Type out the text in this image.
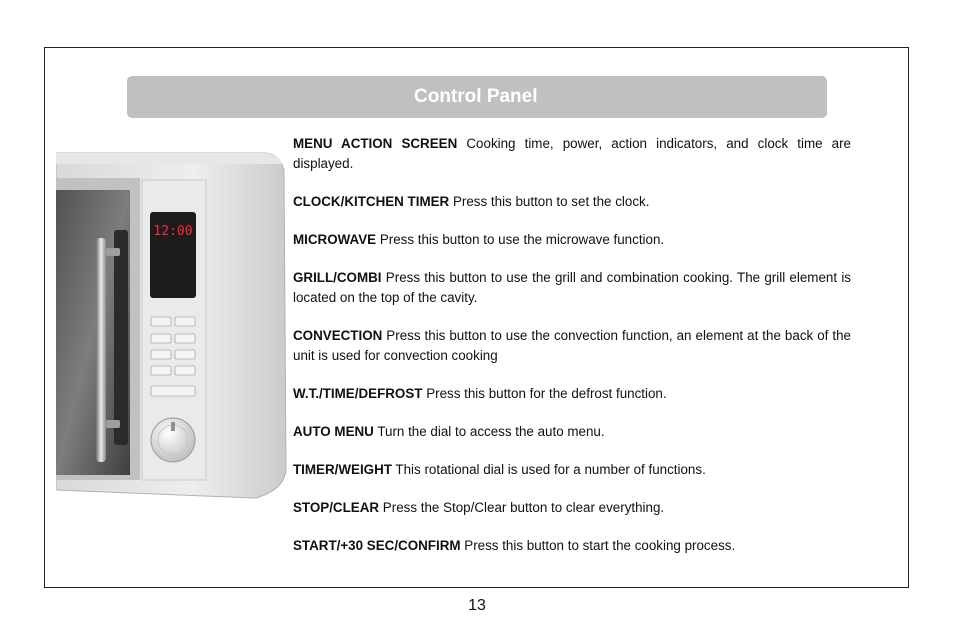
Control Panel
12:00

MENU ACTION SCREEN Cooking time, power, action indicators, and clock time are displayed.

CLOCK/KITCHEN TIMER Press this button to set the clock.

MICROWAVE Press this button to use the microwave function.

GRILL/COMBI Press this button to use the grill and combination cooking. The grill element is located on the top of the cavity.

CONVECTION Press this button to use the convection function, an element at the back of the unit is used for convection cooking

W.T./TIME/DEFROST Press this button for the defrost function.

AUTO MENU Turn the dial to access the auto menu.

TIMER/WEIGHT This rotational dial is used for a number of functions.

STOP/CLEAR Press the Stop/Clear button to clear everything.

START/+30 SEC/CONFIRM Press this button to start the cooking process.

13
